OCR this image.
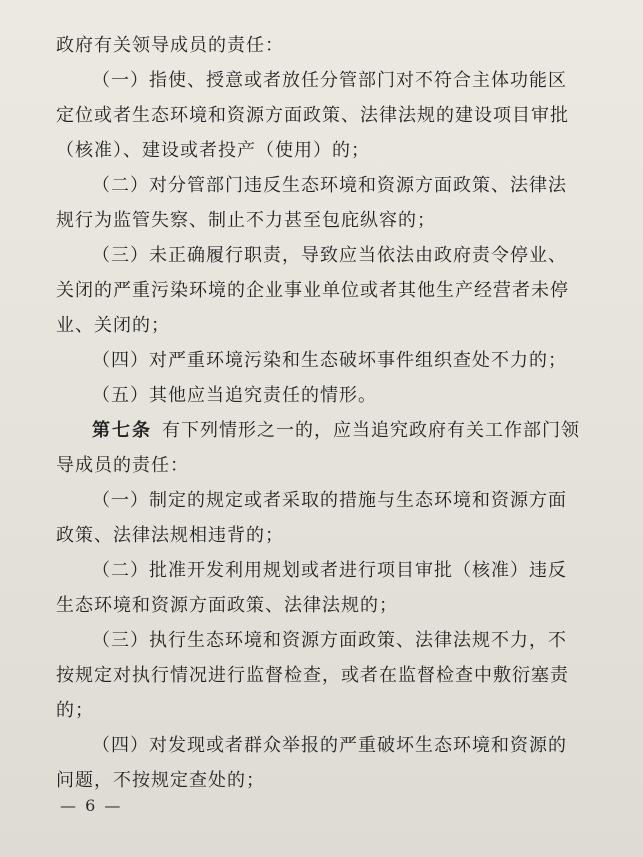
政府有关领导成员的责任：

（一）指使、授意或者放任分管部门对不符合主体功能区定位或者生态环境和资源方面政策、法律法规的建设项目审批（核准）、建设或者投产（使用）的；

（二）对分管部门违反生态环境和资源方面政策、法律法规行为监管失察、制止不力甚至包庇纵容的；

（三）未正确履行职责，导致应当依法由政府责令停业、关闭的严重污染环境的企业事业单位或者其他生产经营者未停业、关闭的；

（四）对严重环境污染和生态破坏事件组织查处不力的；

（五）其他应当追究责任的情形。

第七条 有下列情形之一的，应当追究政府有关工作部门领导成员的责任：

（一）制定的规定或者采取的措施与生态环境和资源方面政策、法律法规相违背的；

（二）批准开发利用规划或者进行项目审批（核准）违反生态环境和资源方面政策、法律法规的；

（三）执行生态环境和资源方面政策、法律法规不力，不按规定对执行情况进行监督检查，或者在监督检查中敷衍塞责的；

（四）对发现或者群众举报的严重破坏生态环境和资源的问题，不按规定查处的；

— 6 —
